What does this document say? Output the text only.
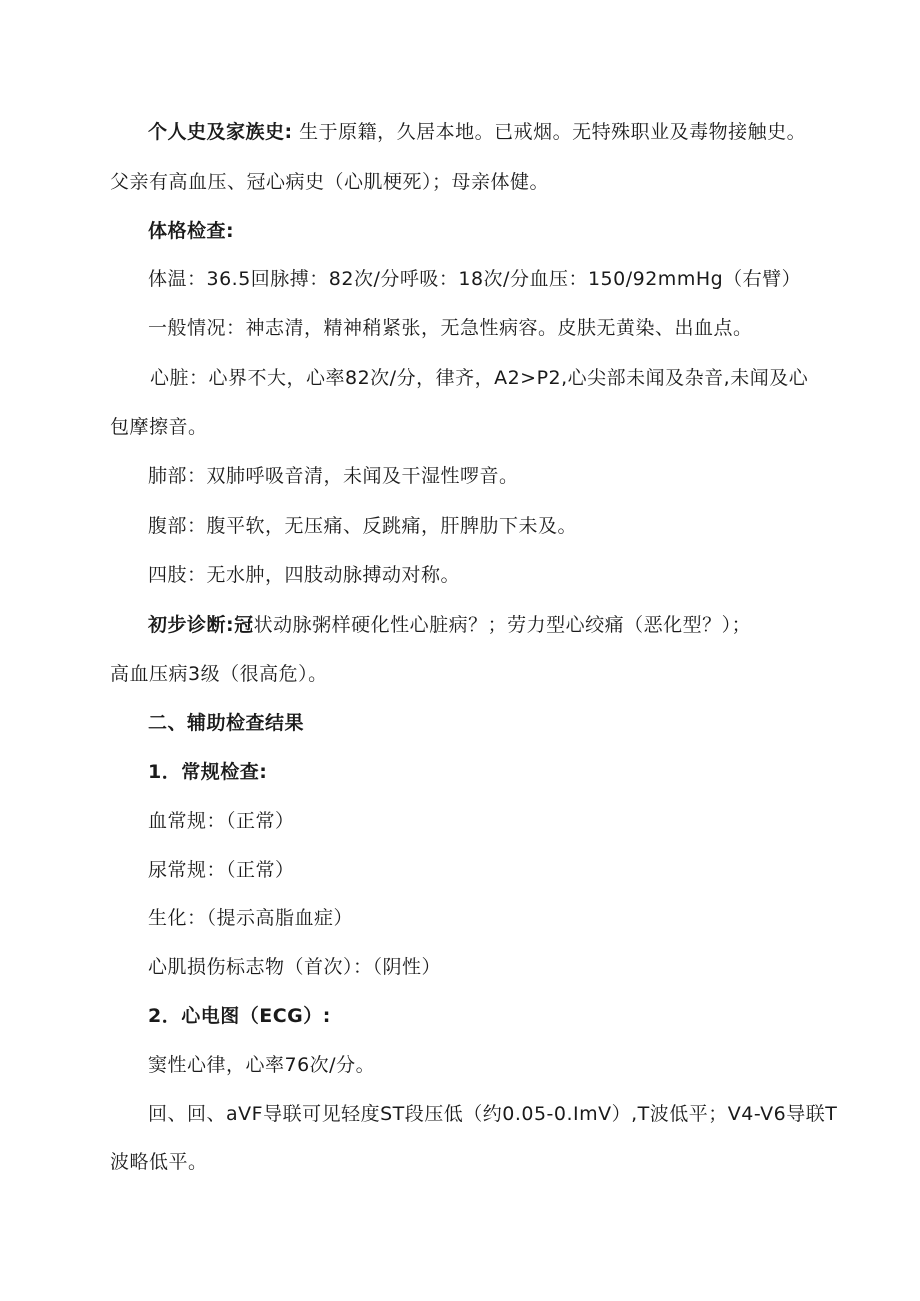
个人史及家族史: 生于原籍，久居本地。已戒烟。无特殊职业及毒物接触史。
父亲有高血压、冠心病史（心肌梗死）；母亲体健。
体格检查:
体温：36.5回脉搏：82次/分呼吸：18次/分血压：150/92mmHg（右臂）
一般情况：神志清，精神稍紧张，无急性病容。皮肤无黄染、出血点。
心脏：心界不大，心率82次/分，律齐，A2>P2,心尖部未闻及杂音,未闻及心
包摩擦音。
肺部：双肺呼吸音清，未闻及干湿性啰音。
腹部：腹平软，无压痛、反跳痛，肝脾肋下未及。
四肢：无水肿，四肢动脉搏动对称。
初步诊断:冠状动脉粥样硬化性心脏病？；劳力型心绞痛（恶化型？）；
高血压病3级（很高危）。
二、辅助检查结果
1．常规检查:
血常规：（正常）
尿常规：（正常）
生化：（提示高脂血症）
心肌损伤标志物（首次）：（阴性）
2．心电图（ECG）:
窦性心律，心率76次/分。
回、回、aVF导联可见轻度ST段压低（约0.05-0.ImV）,T波低平；V4-V6导联T
波略低平。
